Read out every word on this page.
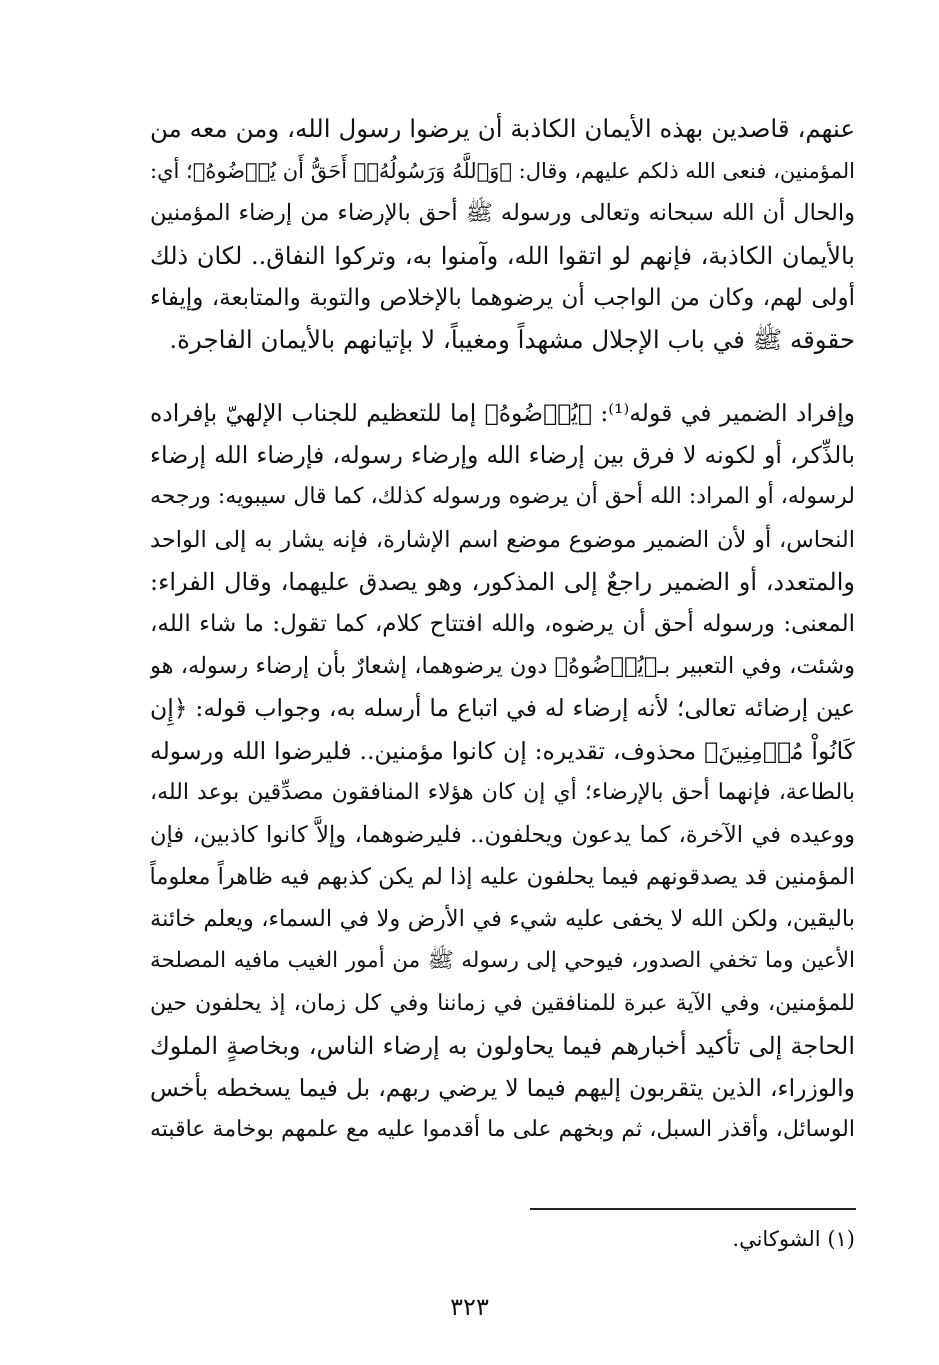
عنهم، قاصدين بهذه الأيمان الكاذبة أن يرضوا رسول الله، ومن معه من
المؤمنين، فنعى الله ذلكم عليهم، وقال: ﴿وَٱللَّهُ وَرَسُولُهُۥٓ أَحَقُّ أَن يُرۡضُوهُ﴾؛ أي:
والحال أن الله سبحانه وتعالى ورسوله ﷺ أحق بالإرضاء من إرضاء المؤمنين
بالأيمان الكاذبة، فإنهم لو اتقوا الله، وآمنوا به، وتركوا النفاق.. لكان ذلك
أولى لهم، وكان من الواجب أن يرضوهما بالإخلاص والتوبة والمتابعة، وإيفاء
حقوقه ﷺ في باب الإجلال مشهداً ومغيباً، لا بإتيانهم بالأيمان الفاجرة.
وإفراد الضمير في قوله⁽¹⁾: ﴿يُرۡضُوهُ﴾ إما للتعظيم للجناب الإلهيّ بإفراده
بالذِّكر، أو لكونه لا فرق بين إرضاء الله وإرضاء رسوله، فإرضاء الله إرضاء
لرسوله، أو المراد: الله أحق أن يرضوه ورسوله كذلك، كما قال سيبويه: ورجحه
النحاس، أو لأن الضمير موضوع موضع اسم الإشارة، فإنه يشار به إلى الواحد
والمتعدد، أو الضمير راجعٌ إلى المذكور، وهو يصدق عليهما، وقال الفراء:
المعنى: ورسوله أحق أن يرضوه، والله افتتاح كلام، كما تقول: ما شاء الله،
وشئت، وفي التعبير بـ﴿يُرۡضُوهُ﴾ دون يرضوهما، إشعارٌ بأن إرضاء رسوله، هو
عين إرضائه تعالى؛ لأنه إرضاء له في اتباع ما أرسله به، وجواب قوله: ﴿إِن
كَانُواْ مُؤۡمِنِينَ﴾ محذوف، تقديره: إن كانوا مؤمنين.. فليرضوا الله ورسوله
بالطاعة، فإنهما أحق بالإرضاء؛ أي إن كان هؤلاء المنافقون مصدِّقين بوعد الله،
ووعيده في الآخرة، كما يدعون ويحلفون.. فليرضوهما، وإلاَّ كانوا كاذبين، فإن
المؤمنين قد يصدقونهم فيما يحلفون عليه إذا لم يكن كذبهم فيه ظاهراً معلوماً
باليقين، ولكن الله لا يخفى عليه شيء في الأرض ولا في السماء، ويعلم خائنة
الأعين وما تخفي الصدور، فيوحي إلى رسوله ﷺ من أمور الغيب مافيه المصلحة
للمؤمنين، وفي الآية عبرة للمنافقين في زماننا وفي كل زمان، إذ يحلفون حين
الحاجة إلى تأكيد أخبارهم فيما يحاولون به إرضاء الناس، وبخاصةٍ الملوك
والوزراء، الذين يتقربون إليهم فيما لا يرضي ربهم، بل فيما يسخطه بأخس
الوسائل، وأقذر السبل، ثم وبخهم على ما أقدموا عليه مع علمهم بوخامة عاقبته
(١) الشوكاني.
٣٢٣
